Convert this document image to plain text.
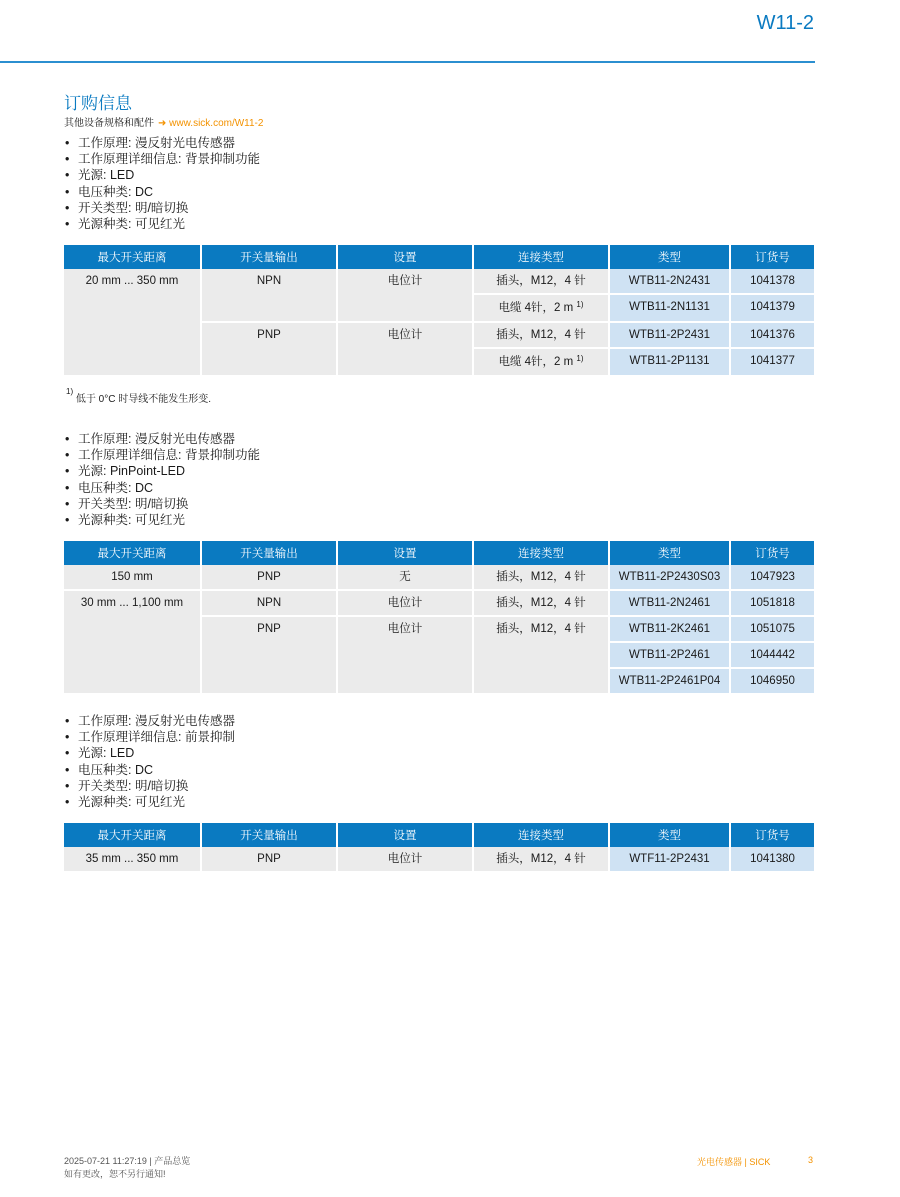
W11-2
订购信息
其他设备规格和配件 ➜ www.sick.com/W11-2
• 工作原理: 漫反射光电传感器
• 工作原理详细信息: 背景抑制功能
• 光源: LED
• 电压种类: DC
• 开关类型: 明/暗切换
• 光源种类: 可见红光
最大开关距离	开关量输出	设置	连接类型	类型	订货号
20 mm ... 350 mm	NPN	电位计	插头，M12，4 针	WTB11-2N2431	1041378
			电缆 4针，2 m $^{1)}$	WTB11-2N1131	1041379
	PNP	电位计	插头，M12，4 针	WTB11-2P2431	1041376
			电缆 4针，2 m $^{1)}$	WTB11-2P1131	1041377
$^{1)}$ 低于 0°C 时导线不能发生形变.
• 工作原理: 漫反射光电传感器
• 工作原理详细信息: 背景抑制功能
• 光源: PinPoint-LED
• 电压种类: DC
• 开关类型: 明/暗切换
• 光源种类: 可见红光
最大开关距离	开关量输出	设置	连接类型	类型	订货号
150 mm	PNP	无	插头，M12，4 针	WTB11-2P2430S03	1047923
30 mm ... 1,100 mm	NPN	电位计	插头，M12，4 针	WTB11-2N2461	1051818
	PNP	电位计	插头，M12，4 针	WTB11-2K2461	1051075
				WTB11-2P2461	1044442
				WTB11-2P2461P04	1046950
• 工作原理: 漫反射光电传感器
• 工作原理详细信息: 前景抑制
• 光源: LED
• 电压种类: DC
• 开关类型: 明/暗切换
• 光源种类: 可见红光
最大开关距离	开关量输出	设置	连接类型	类型	订货号
35 mm ... 350 mm	PNP	电位计	插头，M12，4 针	WTF11-2P2431	1041380
2025-07-21 11:27:19 | 产品总览
如有更改，恕不另行通知!
光电传感器 | SICK	3
